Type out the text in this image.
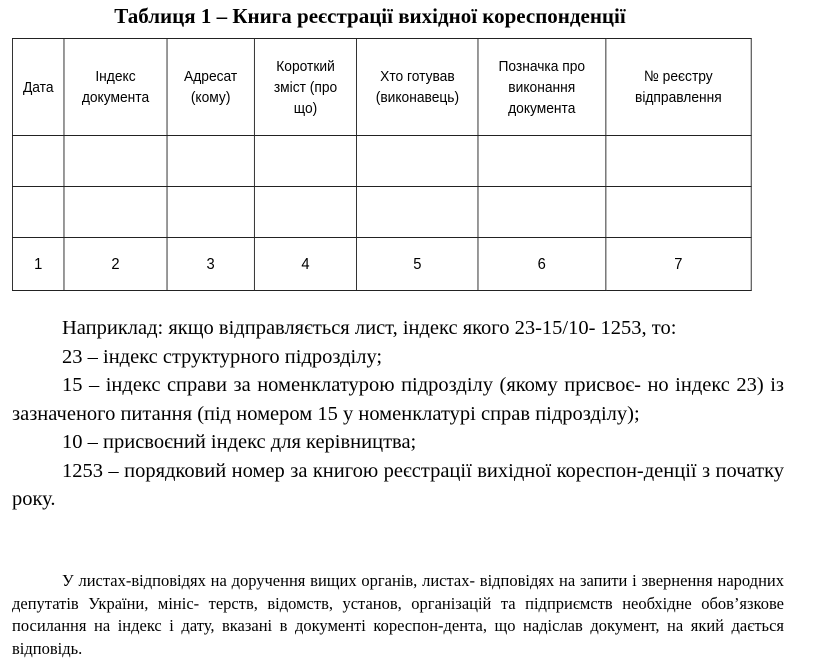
Таблиця 1 – Книга реєстрації вихідної кореспонденції
Дата	Індекс документа	Адресат (кому)	Короткий зміст (про що)	Хто готував (виконавець)	Позначка про виконання документа	№ реєстру відправлення

1	2	3	4	5	6	7

Наприклад: якщо відправляється лист, індекс якого 23-15/10- 1253, то:

23 – індекс структурного підрозділу;

15 – індекс справи за номенклатурою підрозділу (якому присвоє- но індекс 23) із зазначеного питання (під номером 15 у номенклатурі справ підрозділу);

10 – присвоєний індекс для керівництва;

1253 – порядковий номер за книгою реєстрації вихідної кореспон-денції з початку року.

У листах-відповідях на доручення вищих органів, листах- відповідях на запити і звернення народних депутатів України, мініс- терств, відомств, установ, організацій та підприємств необхідне обов’язкове посилання на індекс і дату, вказані в документі кореспон-дента, що надіслав документ, на який дається відповідь.
